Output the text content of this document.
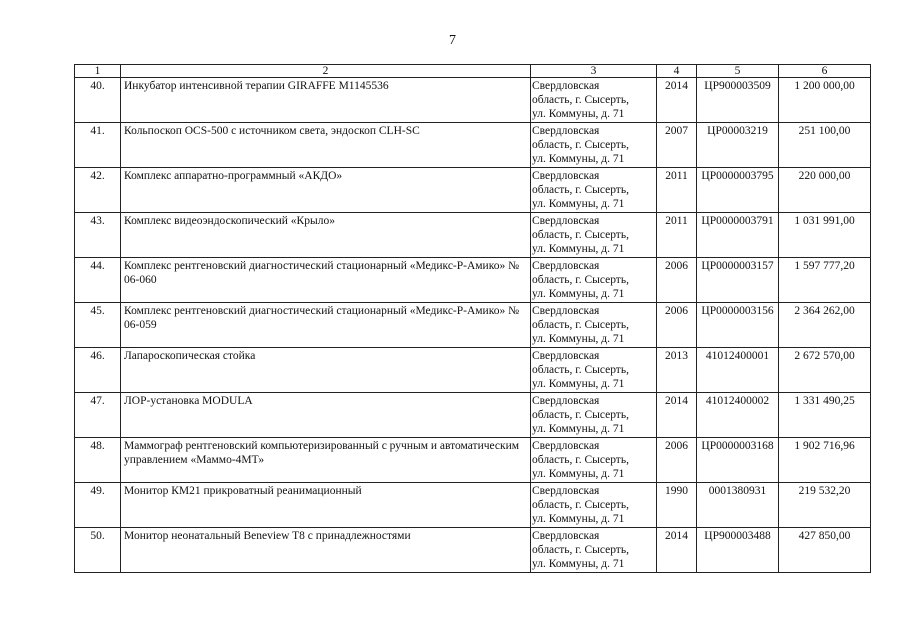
7
1	2	3	4	5	6
40.	Инкубатор интенсивной терапии GIRAFFE М1145536	Свердловская
область, г. Сысерть,
ул. Коммуны, д. 71	2014	ЦР900003509	1 200 000,00
41.	Кольпоскоп OCS-500 с источником света, эндоскоп CLH-SC	Свердловская
область, г. Сысерть,
ул. Коммуны, д. 71	2007	ЦР00003219	251 100,00
42.	Комплекс аппаратно-программный «АКДО»	Свердловская
область, г. Сысерть,
ул. Коммуны, д. 71	2011	ЦР0000003795	220 000,00
43.	Комплекс видеоэндоскопический «Крыло»	Свердловская
область, г. Сысерть,
ул. Коммуны, д. 71	2011	ЦР0000003791	1 031 991,00
44.	Комплекс рентгеновский диагностический стационарный «Медикс-Р-Амико» № 06-060	Свердловская
область, г. Сысерть,
ул. Коммуны, д. 71	2006	ЦР0000003157	1 597 777,20
45.	Комплекс рентгеновский диагностический стационарный «Медикс-Р-Амико» № 06-059	Свердловская
область, г. Сысерть,
ул. Коммуны, д. 71	2006	ЦР0000003156	2 364 262,00
46.	Лапароскопическая стойка	Свердловская
область, г. Сысерть,
ул. Коммуны, д. 71	2013	41012400001	2 672 570,00
47.	ЛОР-установка MODULA	Свердловская
область, г. Сысерть,
ул. Коммуны, д. 71	2014	41012400002	1 331 490,25
48.	Маммограф рентгеновский компьютеризированный с ручным и автоматическим управлением «Маммо-4МТ»	Свердловская
область, г. Сысерть,
ул. Коммуны, д. 71	2006	ЦР0000003168	1 902 716,96
49.	Монитор КМ21 прикроватный реанимационный	Свердловская
область, г. Сысерть,
ул. Коммуны, д. 71	1990	0001380931	219 532,20
50.	Монитор неонатальный Beneview T8 с принадлежностями	Свердловская
область, г. Сысерть,
ул. Коммуны, д. 71	2014	ЦР900003488	427 850,00
